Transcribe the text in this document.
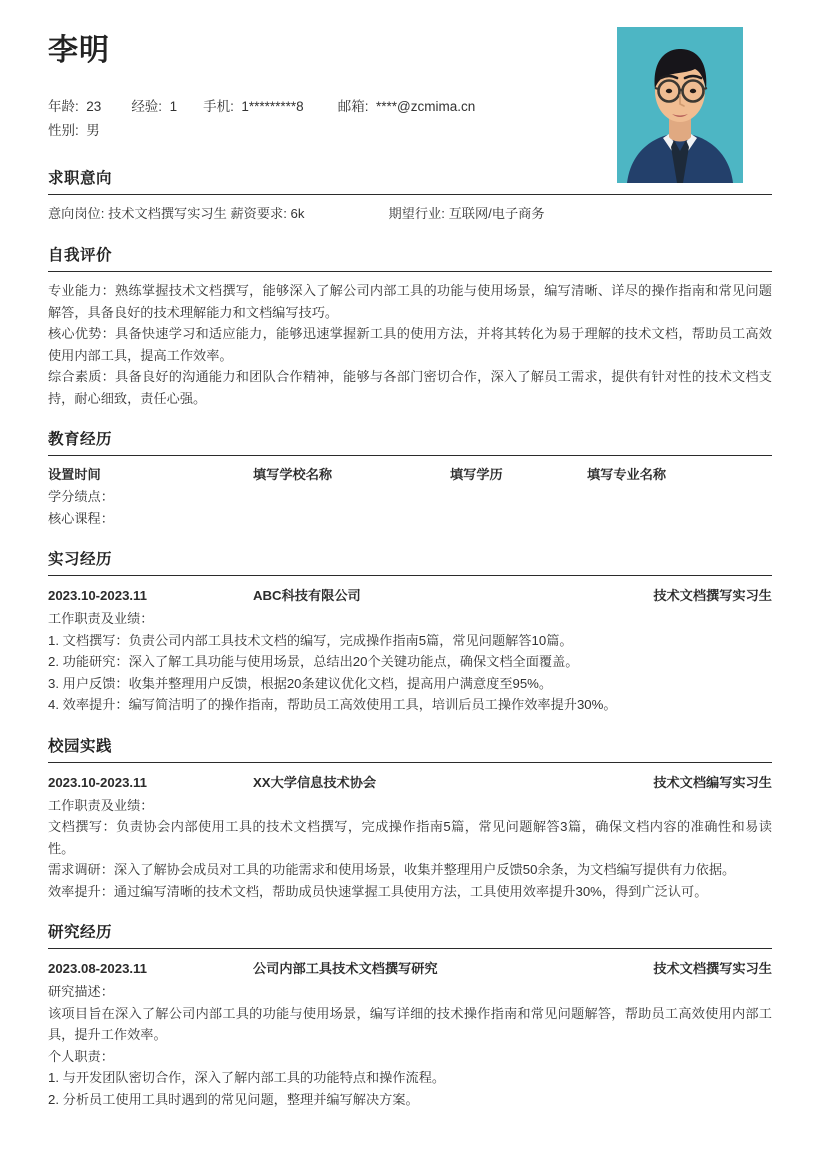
李明
年龄: 23 经验: 1 手机: 1*********8	邮箱: ****@zcmima.cn
性别: 男
求职意向
意向岗位: 技术文档撰写实习生 薪资要求: 6k	期望行业: 互联网/电子商务
自我评价

专业能力：熟练掌握技术文档撰写，能够深入了解公司内部工具的功能与使用场景，编写清晰、详尽的操作指南和常见问题解答，具备良好的技术理解能力和文档编写技巧。

核心优势：具备快速学习和适应能力，能够迅速掌握新工具的使用方法，并将其转化为易于理解的技术文档，帮助员工高效使用内部工具，提高工作效率。

综合素质：具备良好的沟通能力和团队合作精神，能够与各部门密切合作，深入了解员工需求，提供有针对性的技术文档支持，耐心细致，责任心强。

教育经历
设置时间	填写学校名称	填写学历	填写专业名称

学分绩点：

核心课程：

实习经历
2023.10-2023.11	ABC科技有限公司	技术文档撰写实习生

工作职责及业绩：

1. 文档撰写：负责公司内部工具技术文档的编写，完成操作指南5篇，常见问题解答10篇。

2. 功能研究：深入了解工具功能与使用场景，总结出20个关键功能点，确保文档全面覆盖。

3. 用户反馈：收集并整理用户反馈，根据20条建议优化文档，提高用户满意度至95%。

4. 效率提升：编写简洁明了的操作指南，帮助员工高效使用工具，培训后员工操作效率提升30%。

校园实践
2023.10-2023.11	XX大学信息技术协会	技术文档编写实习生

工作职责及业绩：

文档撰写：负责协会内部使用工具的技术文档撰写，完成操作指南5篇，常见问题解答3篇，确保文档内容的准确性和易读性。

需求调研：深入了解协会成员对工具的功能需求和使用场景，收集并整理用户反馈50余条，为文档编写提供有力依据。

效率提升：通过编写清晰的技术文档，帮助成员快速掌握工具使用方法，工具使用效率提升30%，得到广泛认可。

研究经历
2023.08-2023.11	公司内部工具技术文档撰写研究	技术文档撰写实习生

研究描述：

该项目旨在深入了解公司内部工具的功能与使用场景，编写详细的技术操作指南和常见问题解答，帮助员工高效使用内部工具，提升工作效率。

个人职责：

1. 与开发团队密切合作，深入了解内部工具的功能特点和操作流程。

2. 分析员工使用工具时遇到的常见问题，整理并编写解决方案。
